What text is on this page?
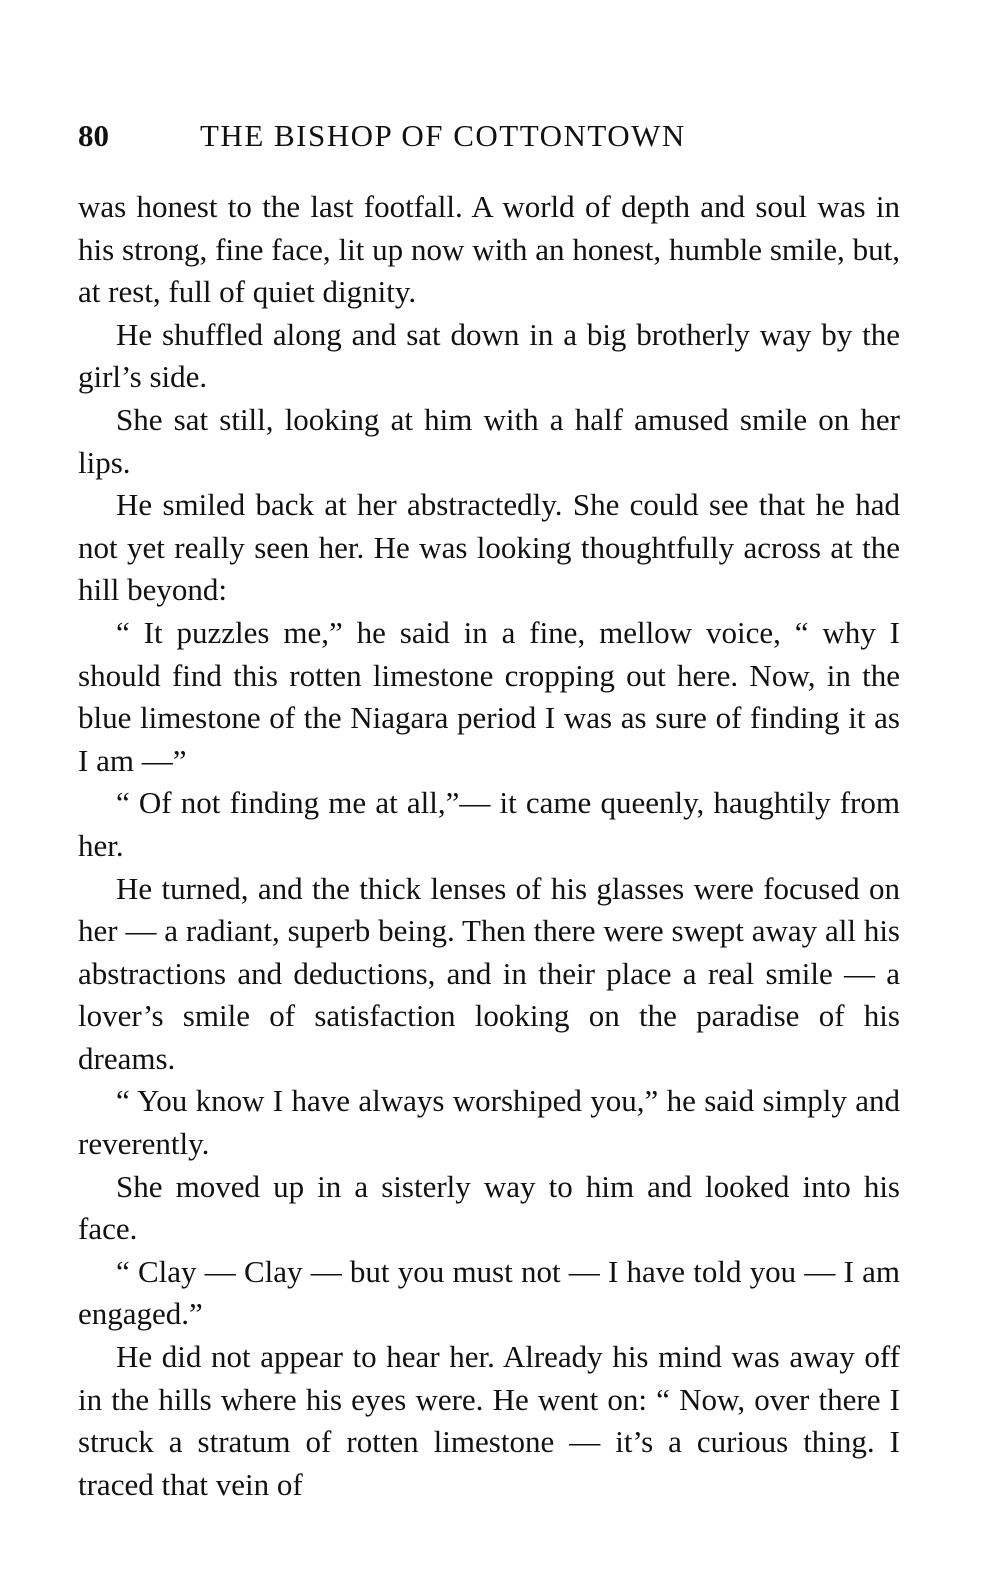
80	THE BISHOP OF COTTONTOWN

was honest to the last footfall. A world of depth and soul was in his strong, fine face, lit up now with an honest, humble smile, but, at rest, full of quiet dignity.

He shuffled along and sat down in a big brotherly way by the girl’s side.

She sat still, looking at him with a half amused smile on her lips.

He smiled back at her abstractedly. She could see that he had not yet really seen her. He was looking thoughtfully across at the hill beyond:

“ It puzzles me,” he said in a fine, mellow voice, “ why I should find this rotten limestone cropping out here. Now, in the blue limestone of the Niagara period I was as sure of finding it as I am —”

“ Of not finding me at all,”— it came queenly, haughtily from her.

He turned, and the thick lenses of his glasses were focused on her — a radiant, superb being. Then there were swept away all his abstractions and deductions, and in their place a real smile — a lover’s smile of satisfaction looking on the paradise of his dreams.

“ You know I have always worshiped you,” he said simply and reverently.

She moved up in a sisterly way to him and looked into his face.

“ Clay — Clay — but you must not — I have told you — I am engaged.”

He did not appear to hear her. Already his mind was away off in the hills where his eyes were. He went on: “ Now, over there I struck a stratum of rotten limestone — it’s a curious thing. I traced that vein of
